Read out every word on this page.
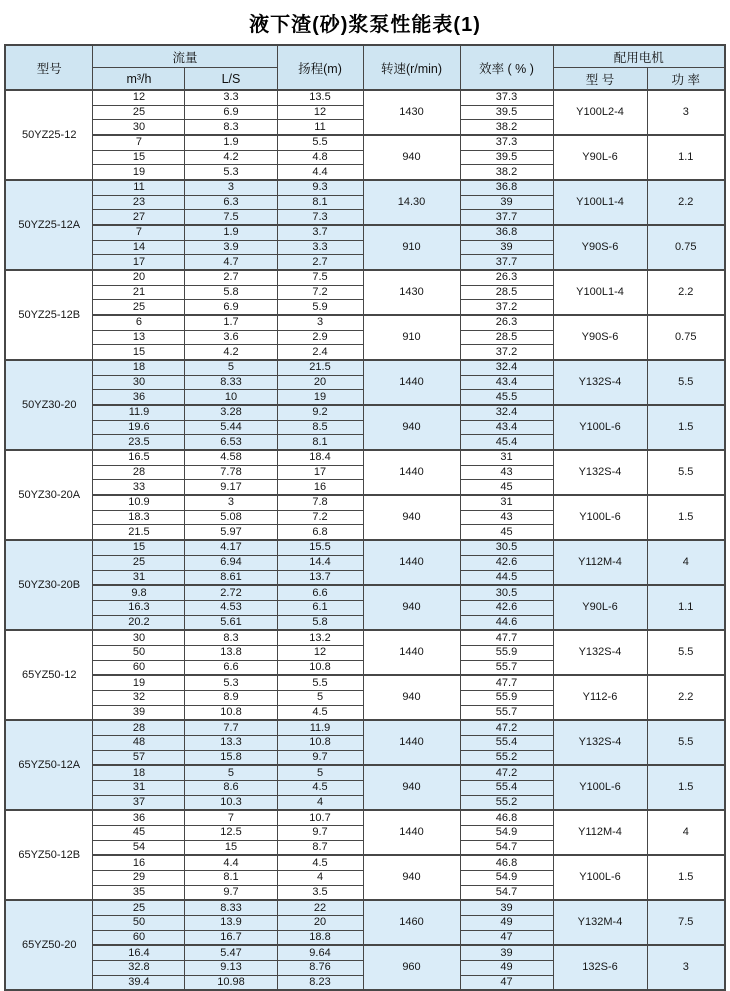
液下渣(砂)浆泵性能表(1)
型号	流量		扬程(m)	转速(r/min)	效率 ( % )	配用电机	
	m³/h	L/S				型 号	功 率
50YZ25-12	12	3.3	13.5	1430	37.3	Y100L2-4	3
	25	6.9	12		39.5		
	30	8.3	11		38.2		
	7	1.9	5.5	940	37.3	Y90L-6	1.1
	15	4.2	4.8		39.5		
	19	5.3	4.4		38.2		
50YZ25-12A	11	3	9.3	14.30	36.8	Y100L1-4	2.2
	23	6.3	8.1		39		
	27	7.5	7.3		37.7		
	7	1.9	3.7	910	36.8	Y90S-6	0.75
	14	3.9	3.3		39		
	17	4.7	2.7		37.7		
50YZ25-12B	20	2.7	7.5	1430	26.3	Y100L1-4	2.2
	21	5.8	7.2		28.5		
	25	6.9	5.9		37.2		
	6	1.7	3	910	26.3	Y90S-6	0.75
	13	3.6	2.9		28.5		
	15	4.2	2.4		37.2		
50YZ30-20	18	5	21.5	1440	32.4	Y132S-4	5.5
	30	8.33	20		43.4		
	36	10	19		45.5		
	11.9	3.28	9.2	940	32.4	Y100L-6	1.5
	19.6	5.44	8.5		43.4		
	23.5	6.53	8.1		45.4		
50YZ30-20A	16.5	4.58	18.4	1440	31	Y132S-4	5.5
	28	7.78	17		43		
	33	9.17	16		45		
	10.9	3	7.8	940	31	Y100L-6	1.5
	18.3	5.08	7.2		43		
	21.5	5.97	6.8		45		
50YZ30-20B	15	4.17	15.5	1440	30.5	Y112M-4	4
	25	6.94	14.4		42.6		
	31	8.61	13.7		44.5		
	9.8	2.72	6.6	940	30.5	Y90L-6	1.1
	16.3	4.53	6.1		42.6		
	20.2	5.61	5.8		44.6		
65YZ50-12	30	8.3	13.2	1440	47.7	Y132S-4	5.5
	50	13.8	12		55.9		
	60	6.6	10.8		55.7		
	19	5.3	5.5	940	47.7	Y112-6	2.2
	32	8.9	5		55.9		
	39	10.8	4.5		55.7		
65YZ50-12A	28	7.7	11.9	1440	47.2	Y132S-4	5.5
	48	13.3	10.8		55.4		
	57	15.8	9.7		55.2		
	18	5	5	940	47.2	Y100L-6	1.5
	31	8.6	4.5		55.4		
	37	10.3	4		55.2		
65YZ50-12B	36	7	10.7	1440	46.8	Y112M-4	4
	45	12.5	9.7		54.9		
	54	15	8.7		54.7		
	16	4.4	4.5	940	46.8	Y100L-6	1.5
	29	8.1	4		54.9		
	35	9.7	3.5		54.7		
65YZ50-20	25	8.33	22	1460	39	Y132M-4	7.5
	50	13.9	20		49		
	60	16.7	18.8		47		
	16.4	5.47	9.64	960	39	132S-6	3
	32.8	9.13	8.76		49		
	39.4	10.98	8.23		47		
